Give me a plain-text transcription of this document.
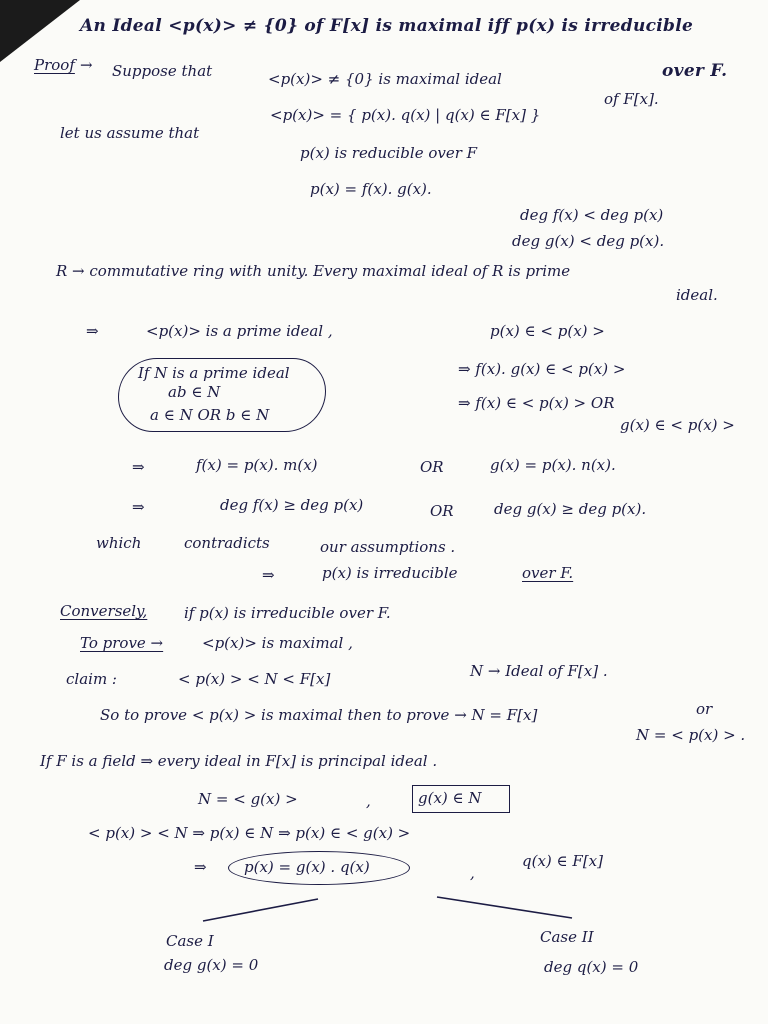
An Ideal <p(x)> ≠ {0} of F[x] is maximal iff p(x) is irreducible
over F.
Proof → Suppose that	<p(x)> ≠ {0} is maximal ideal
of F[x].
<p(x)> = { p(x). q(x) | q(x) ∈ F[x] }
let us assume that
p(x) is reducible over F
p(x) = f(x). g(x).
deg f(x) < deg p(x)
deg g(x) < deg p(x).
R → commutative ring with unity. Every maximal ideal of R is prime
ideal.
⇒	<p(x)> is a prime ideal ,	p(x) ∈ < p(x) >
If N is a prime ideal
ab ∈ N
a ∈ N OR b ∈ N
⇒ f(x). g(x) ∈ < p(x) >
⇒ f(x) ∈ < p(x) > OR
g(x) ∈ < p(x) >
⇒	f(x) = p(x). m(x)	OR	g(x) = p(x). n(x).
⇒	deg f(x) ≥ deg p(x)	OR	deg g(x) ≥ deg p(x).
which	contradicts	our assumptions .
⇒	p(x) is irreducible	over F.
Conversely, if p(x) is irreducible over F.
To prove →	<p(x)> is maximal ,
claim :	< p(x) > < N < F[x]	N → Ideal of F[x] .
So to prove < p(x) > is maximal then to prove → N = F[x]	or
N = < p(x) > .
If F is a field ⇒ every ideal in F[x] is principal ideal .
N = < g(x) >	,	g(x) ∈ N
< p(x) > < N ⇒ p(x) ∈ N ⇒ p(x) ∈ < g(x) >
⇒ p(x) = g(x) . q(x)	,
q(x) ∈ F[x]
Case I
deg g(x) = 0
Case II
deg q(x) = 0
